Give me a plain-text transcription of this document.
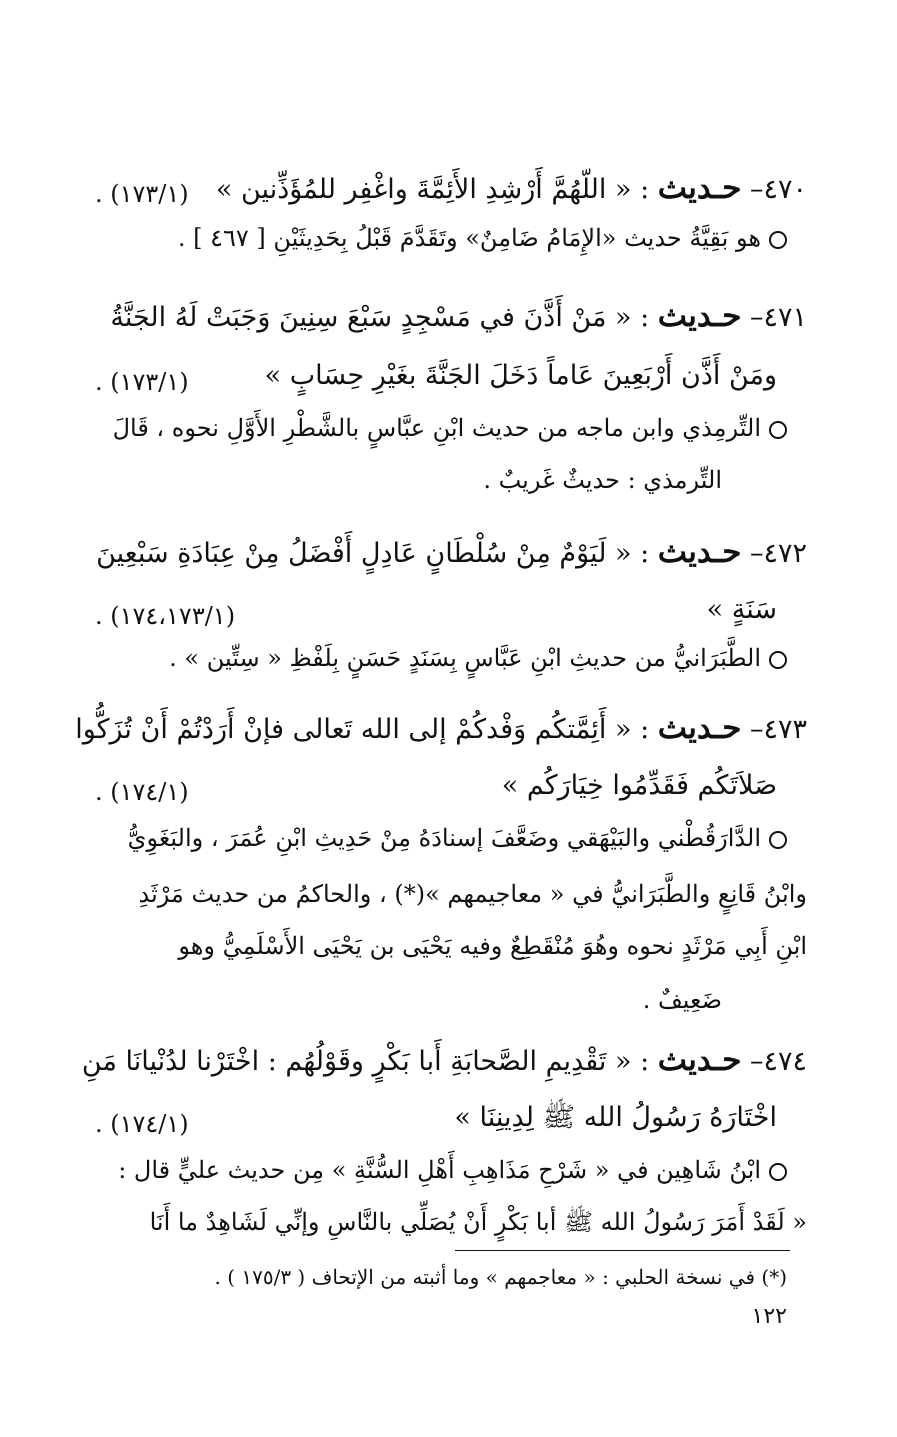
٤٧٠– حـديث : « اللّهُمَّ أَرْشِدِ الأَئِمَّةَ واغْفِر للمُؤَذِّنين »
(١٧٣/١) .
هو بَقِيَّةُ حديث «الإِمَامُ ضَامِنٌ» وتَقَدَّمَ قَبْلُ بِحَدِيثَيْنِ [ ٤٦٧ ] .
٤٧١– حـديث : « مَنْ أَذَّنَ في مَسْجِدٍ سَبْعَ سِنِينَ وَجَبَتْ لَهُ الجَنَّةُ
ومَنْ أَذَّن أَرْبَعِينَ عَاماً دَخَلَ الجَنَّةَ بغَيْرِ حِسَابٍ »
(١٧٣/١) .
التِّرمِذي وابن ماجه من حديث ابْنِ عبَّاسٍ بالشَّطْرِ الأَوَّلِ نحوه ، قَالَ
التِّرمذي : حديثٌ غَريبٌ .
٤٧٢– حـديث : « لَيَوْمٌ مِنْ سُلْطَانٍ عَادِلٍ أَفْضَلُ مِنْ عِبَادَةِ سَبْعِينَ
سَنَةٍ »
(١٧٤،١٧٣/١) .
الطَّبَرَانيُّ من حديثِ ابْنِ عَبَّاسٍ بِسَنَدٍ حَسَنٍ بِلَفْظِ « سِتِّين » .
٤٧٣– حـديث : « أَئِمَّتكُم وَفْدكُمْ إلى الله تَعالى فإنْ أَرَدْتُمْ أَنْ تُزَكُّوا
صَلاَتَكُم فَقَدِّمُوا خِيَارَكُم »
(١٧٤/١) .
الدَّارَقُطْني والبَيْهَقي وضَعَّفَ إسنادَهُ مِنْ حَدِيثِ ابْنِ عُمَرَ ، والبَغَوِيُّ
وابْنُ قَانِعٍ والطَّبَرَانيُّ في « معاجيمهم »(*) ، والحاكمُ من حديث مَرْثَدِ
ابْنِ أَبِي مَرْثَدٍ نحوه وهُوَ مُنْقَطِعٌ وفيه يَحْيَى بن يَحْيَى الأَسْلَمِيُّ وهو
ضَعِيفٌ .
٤٧٤– حـديث : « تَقْدِيمِ الصَّحابَةِ أَبا بَكْرٍ وقَوْلُهُم : اخْتَرْنا لدُنْيانَا مَنِ
اخْتَارَهُ رَسُولُ الله ﷺ لِدِينِنَا »
(١٧٤/١) .
ابْنُ شَاهِين في « شَرْحِ مَذَاهِبِ أَهْلِ السُّنَّةِ » مِن حديث عليٍّ قال :
« لَقَدْ أَمَرَ رَسُولُ الله ﷺ أبا بَكْرٍ أَنْ يُصَلِّي بالنَّاسِ وإنِّي لَشَاهِدٌ ما أَنَا
(*) في نسخة الحلبي : « معاجمهم » وما أثبته من الإتحاف ( ١٧٥/٣ ) .
١٢٢
